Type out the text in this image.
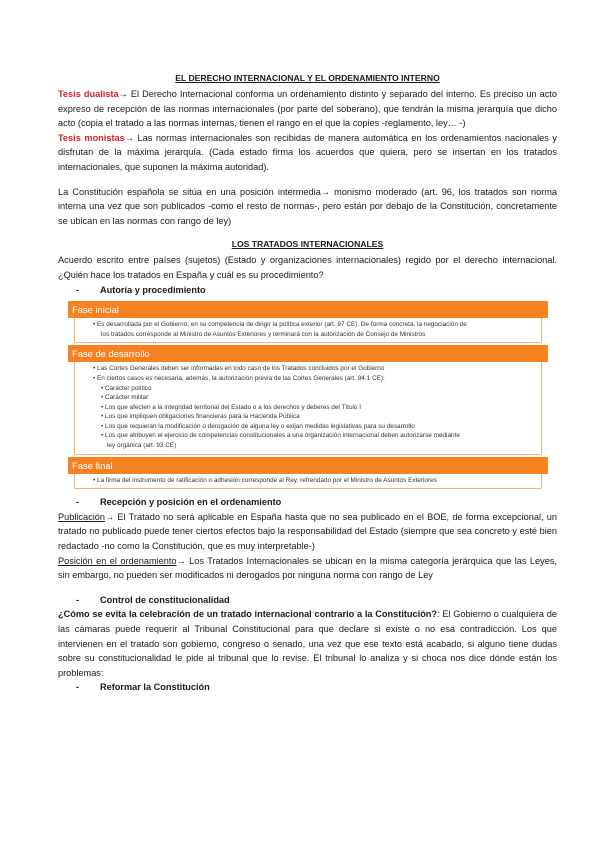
EL DERECHO INTERNACIONAL Y EL ORDENAMIENTO INTERNO

Tesis dualista→ El Derecho Internacional conforma un ordenamiento distinto y separado del interno. Es preciso un acto expreso de recepción de las normas internacionales (por parte del soberano), que tendrán la misma jerarquía que dicho acto (copia el tratado a las normas internas, tienen el rango en el que la copies -reglamento, ley… -)

Tesis monistas→ Las normas internacionales son recibidas de manera automática en los ordenamientos nacionales y disfrutan de la máxima jerarquía. (Cada estado firma los acuerdos que quiera, pero se insertan en los tratados internacionales, que suponen la máxima autoridad).

La Constitución española se sitúa en una posición intermedia→ monismo moderado (art. 96, los tratados son norma interna una vez que son publicados -como el resto de normas-, pero están por debajo de la Constitución, concretamente se ubican en las normas con rango de ley)

LOS TRATADOS INTERNACIONALES

Acuerdo escrito entre países (sujetos) (Estado y organizaciones internacionales) regido por el derecho internacional. ¿Quién hace los tratados en España y cuál es su procedimiento?

-	Autoría y procedimiento
Fase inicial
• Es desarrollada por el Gobierno, en su competencia de dirigir la política exterior (art. 97 CE). De forma concreta, la negociación de
los tratados corresponde al Ministro de Asuntos Exteriores y terminará con la autorización de Consejo de Ministros
Fase de desarrollo
• Las Cortes Generales deben ser informadas en todo caso de los Tratados concluidos por el Gobierno
• En ciertos casos es necesaria, además, la autorización previa de las Cortes Generales (art. 94.1 CE):
• Carácter político
• Carácter militar
• Los que afecten a la integridad territorial del Estado o a los derechos y deberes del Título I
• Los que impliquen obligaciones financieras para la Hacienda Pública
• Los que requieran la modificación o derogación de alguna ley o exijan medidas legislativas para su desarrollo
• Los que atribuyen el ejercicio de competencias constitucionales a una organización internacional deben autorizarse mediante
ley orgánica (art. 93 CE)
Fase final
• La firma del instrumento de ratificación o adhesión corresponde al Rey, refrendado por el Ministro de Asuntos Exteriores
-	Recepción y posición en el ordenamiento

Publicación→ El Tratado no será aplicable en España hasta que no sea publicado en el BOE, de forma excepcional, un tratado no publicado puede tener ciertos efectos bajo la responsabilidad del Estado (siempre que sea concreto y esté bien redactado -no como la Constitución, que es muy interpretable-)

Posición en el ordenamiento→ Los Tratados Internacionales se ubican en la misma categoría jerárquica que las Leyes, sin embargo, no pueden ser modificados ni derogados por ninguna norma con rango de Ley

-	Control de constitucionalidad

¿Cómo se evita la celebración de un tratado internacional contrario a la Constitución?: El Gobierno o cualquiera de las cámaras puede requerir al Tribunal Constitucional para que declare si existe o no esa contradicción. Los que intervienen en el tratado son gobierno, congreso o senado, una vez que ese texto está acabado, si alguno tiene dudas sobre su constitucionalidad le pide al tribunal que lo revise. El tribunal lo analiza y si choca nos dice dónde están los problemas:

-	Reformar la Constitución
